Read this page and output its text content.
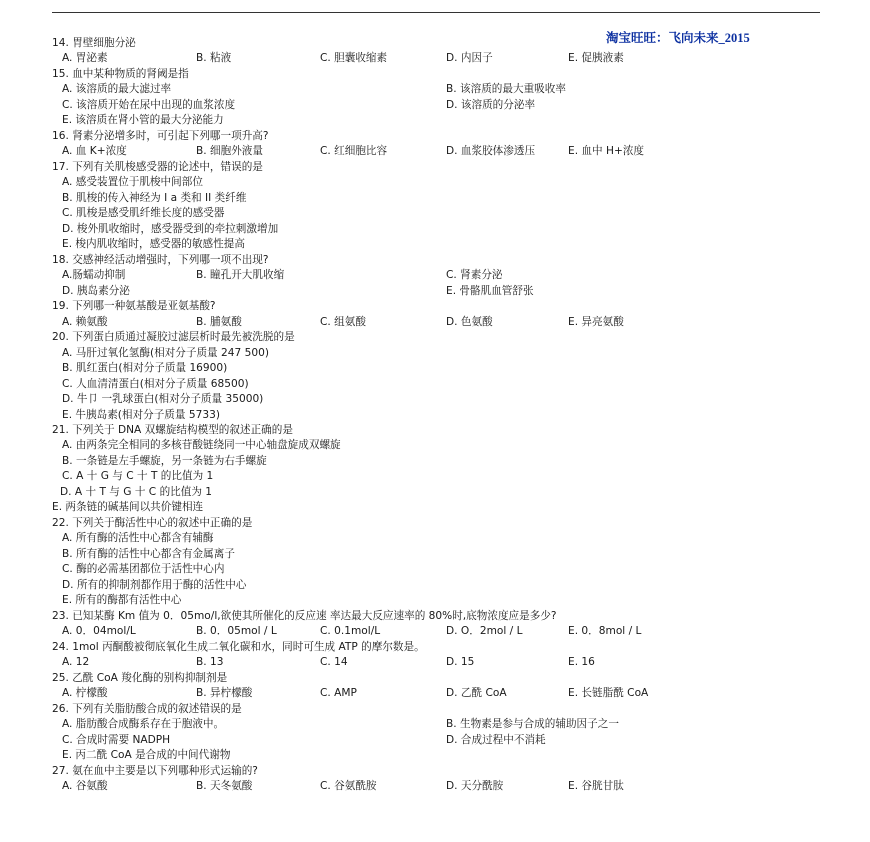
淘宝旺旺：飞向未来_2015
14. 胃壁细胞分泌
A. 胃泌素	B. 粘液	C. 胆囊收缩素	D. 内因子	E. 促胰液素
15. 血中某种物质的肾阈是指
A. 该溶质的最大滤过率	B. 该溶质的最大重吸收率
C. 该溶质开始在尿中出现的血浆浓度	D. 该溶质的分泌率
E. 该溶质在肾小管的最大分泌能力
16. 肾素分泌增多时，可引起下列哪一项升高?
A. 血 K+浓度	B. 细胞外液量	C. 红细胞比容	D. 血浆胶体渗透压	E. 血中 H+浓度
17. 下列有关肌梭感受器的论述中，错误的是
A. 感受装置位于肌梭中间部位
B. 肌梭的传入神经为 I a 类和 II 类纤维
C. 肌梭是感受肌纤维长度的感受器
D. 梭外肌收缩时，感受器受到的牵拉刺激增加
E. 梭内肌收缩时，感受器的敏感性提高
18. 交感神经活动增强时，下列哪一项不出现?
A.肠蠕动抑制	B. 瞳孔开大肌收缩	C. 肾素分泌
D. 胰岛素分泌	E. 骨骼肌血管舒张
19. 下列哪一种氨基酸是亚氨基酸?
A. 赖氨酸	B. 脯氨酸	C. 组氨酸	D. 色氨酸	E. 异亮氨酸
20. 下列蛋白质通过凝胶过滤层析时最先被洗脱的是
A. 马肝过氧化氢酶(相对分子质量 247 500)
B. 肌红蛋白(相对分子质量 16900)
C. 人血清清蛋白(相对分子质量 68500)
D. 牛卩 一乳球蛋白(相对分子质量 35000)
E. 牛胰岛素(相对分子质量 5733)
21. 下列关于 DNA 双螺旋结构模型的叙述正确的是
A. 由两条完全相同的多核苷酸链绕同一中心轴盘旋成双螺旋
B. 一条链是左手螺旋，另一条链为右手螺旋
C. A 十 G 与 C 十 T 的比值为 1
D. A 十 T 与 G 十 C 的比值为 1
E. 两条链的碱基间以共价键相连
22. 下列关于酶活性中心的叙述中正确的是
A. 所有酶的活性中心都含有辅酶
B. 所有酶的活性中心都含有金属离子
C. 酶的必需基团都位于活性中心内
D. 所有的抑制剂都作用于酶的活性中心
E. 所有的酶都有活性中心
23. 已知某酶 Km 值为 0．05mo/l,欲使其所催化的反应速 率达最大反应速率的 80%时,底物浓度应是多少?
A. 0．04mol/L	B. 0．05mol / L	C. 0.1mol/L	D. O．2mol / L	E. 0．8mol / L
24. 1mol 丙酮酸被彻底氧化生成二氧化碳和水，同时可生成 ATP 的摩尔数是。
A. 12	B. 13	C. 14	D. 15	E. 16
25. 乙酰 CoA 羧化酶的别构抑制剂是
A. 柠檬酸	B. 异柠檬酸	C. AMP	D. 乙酰 CoA	E. 长链脂酰 CoA
26. 下列有关脂肪酸合成的叙述错误的是
A. 脂肪酸合成酶系存在于胞液中。	B. 生物素是参与合成的辅助因子之一
C. 合成时需要 NADPH	D. 合成过程中不消耗
E. 丙二酰 CoA 是合成的中间代谢物
27. 氨在血中主要是以下列哪种形式运输的?
A. 谷氨酸	B. 天冬氨酸	C. 谷氨酰胺	D. 天分酰胺	E. 谷胱甘肽
